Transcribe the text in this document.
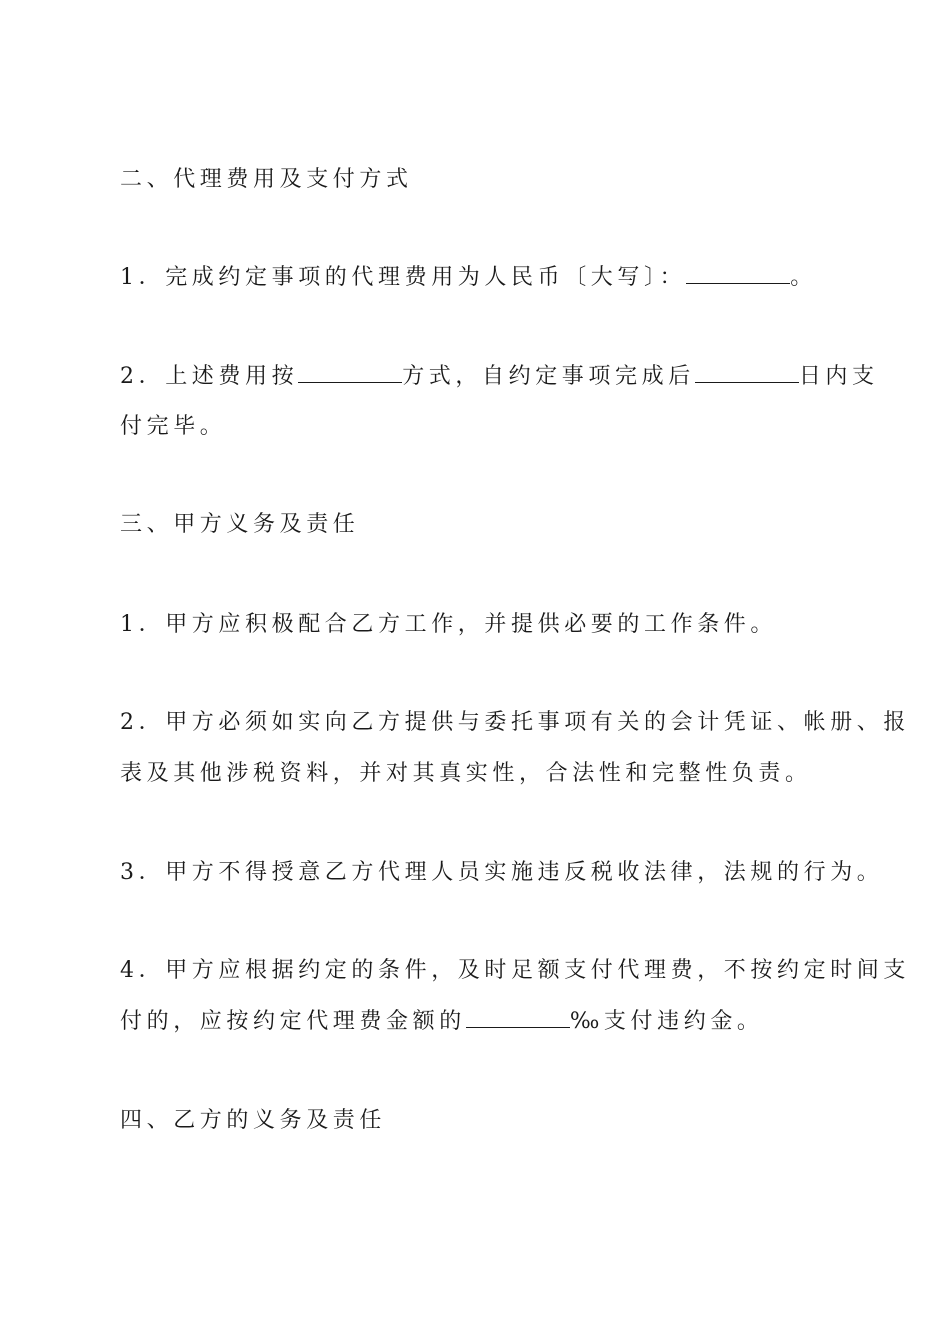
二、代理费用及支付方式
1．完成约定事项的代理费用为人民币〔大写〕：	。
2．上述费用按	方式，自约定事项完成后	日内支
付完毕。
三、甲方义务及责任
1．甲方应积极配合乙方工作，并提供必要的工作条件。
2．甲方必须如实向乙方提供与委托事项有关的会计凭证、帐册、报
表及其他涉税资料，并对其真实性，合法性和完整性负责。
3．甲方不得授意乙方代理人员实施违反税收法律，法规的行为。
4．甲方应根据约定的条件，及时足额支付代理费，不按约定时间支
付的，应按约定代理费金额的	‰支付违约金。
四、乙方的义务及责任
